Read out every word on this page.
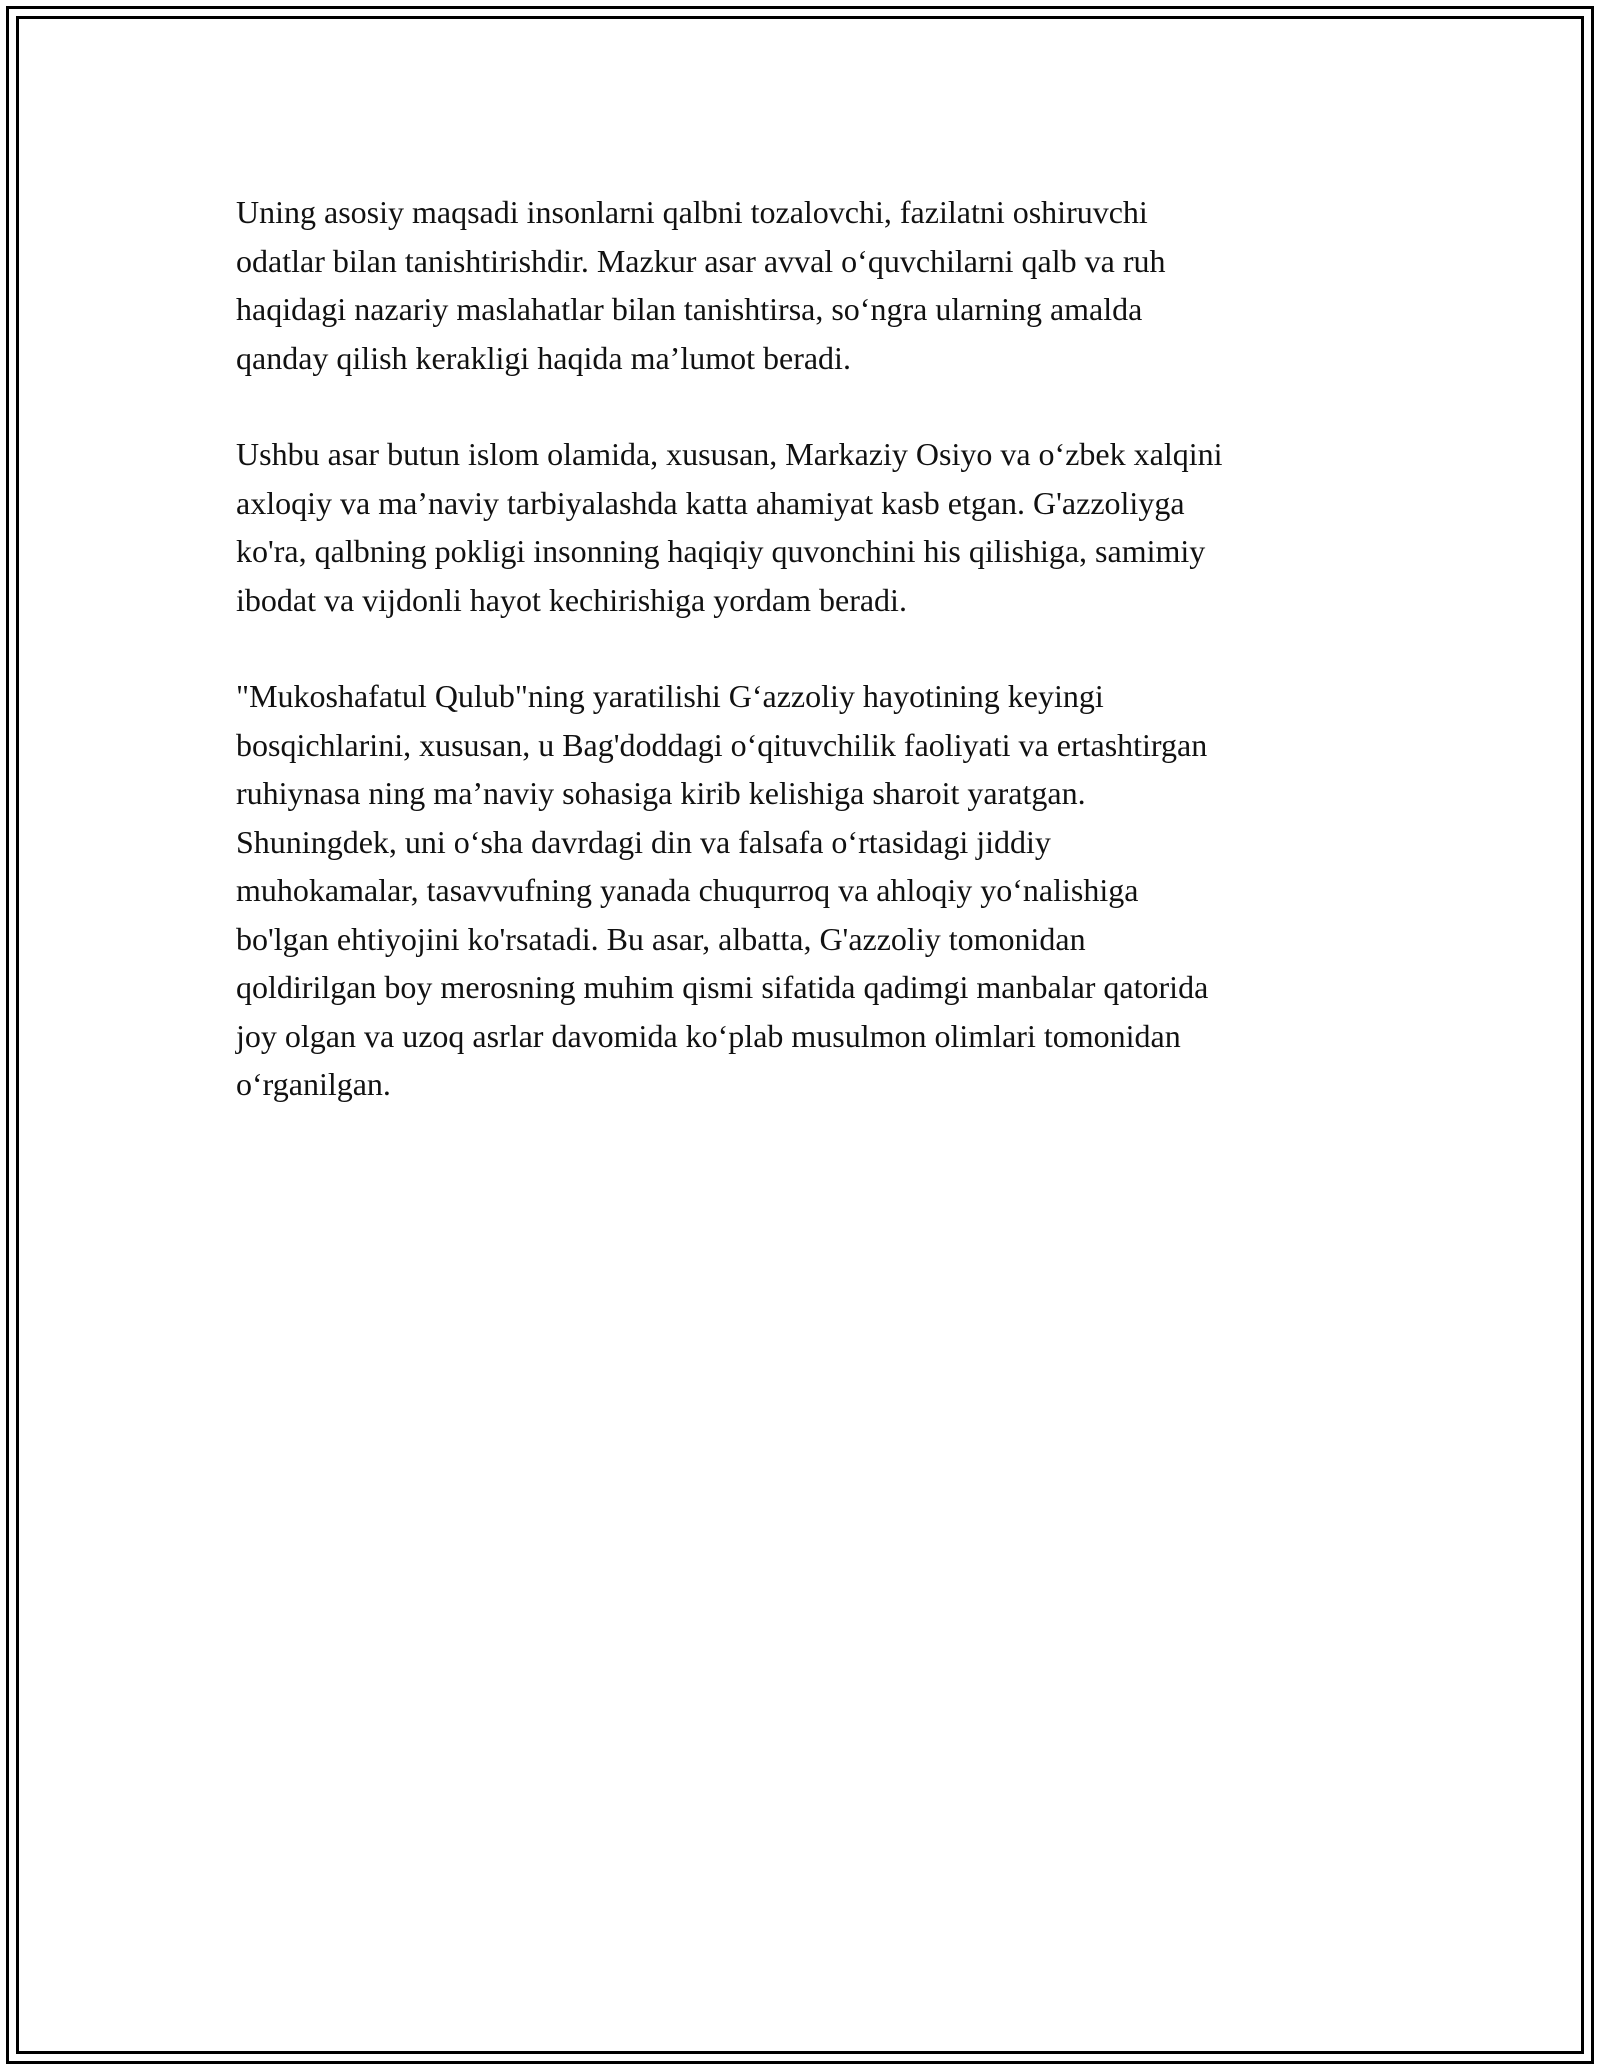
Uning asosiy maqsadi insonlarni qalbni tozalovchi, fazilatni oshiruvchi
odatlar bilan tanishtirishdir. Mazkur asar avval o‘quvchilarni qalb va ruh
haqidagi nazariy maslahatlar bilan tanishtirsa, so‘ngra ularning amalda
qanday qilish kerakligi haqida ma’lumot beradi.

Ushbu asar butun islom olamida, xususan, Markaziy Osiyo va o‘zbek xalqini
axloqiy va ma’naviy tarbiyalashda katta ahamiyat kasb etgan. G'azzoliyga
ko'ra, qalbning pokligi insonning haqiqiy quvonchini his qilishiga, samimiy
ibodat va vijdonli hayot kechirishiga yordam beradi.

"Mukoshafatul Qulub"ning yaratilishi G‘azzoliy hayotining keyingi
bosqichlarini, xususan, u Bag'doddagi o‘qituvchilik faoliyati va ertashtirgan
ruhiynasa ning ma’naviy sohasiga kirib kelishiga sharoit yaratgan.
Shuningdek, uni o‘sha davrdagi din va falsafa o‘rtasidagi jiddiy
muhokamalar, tasavvufning yanada chuqurroq va ahloqiy yo‘nalishiga
bo'lgan ehtiyojini ko'rsatadi. Bu asar, albatta, G'azzoliy tomonidan
qoldirilgan boy merosning muhim qismi sifatida qadimgi manbalar qatorida
joy olgan va uzoq asrlar davomida ko‘plab musulmon olimlari tomonidan
o‘rganilgan.
